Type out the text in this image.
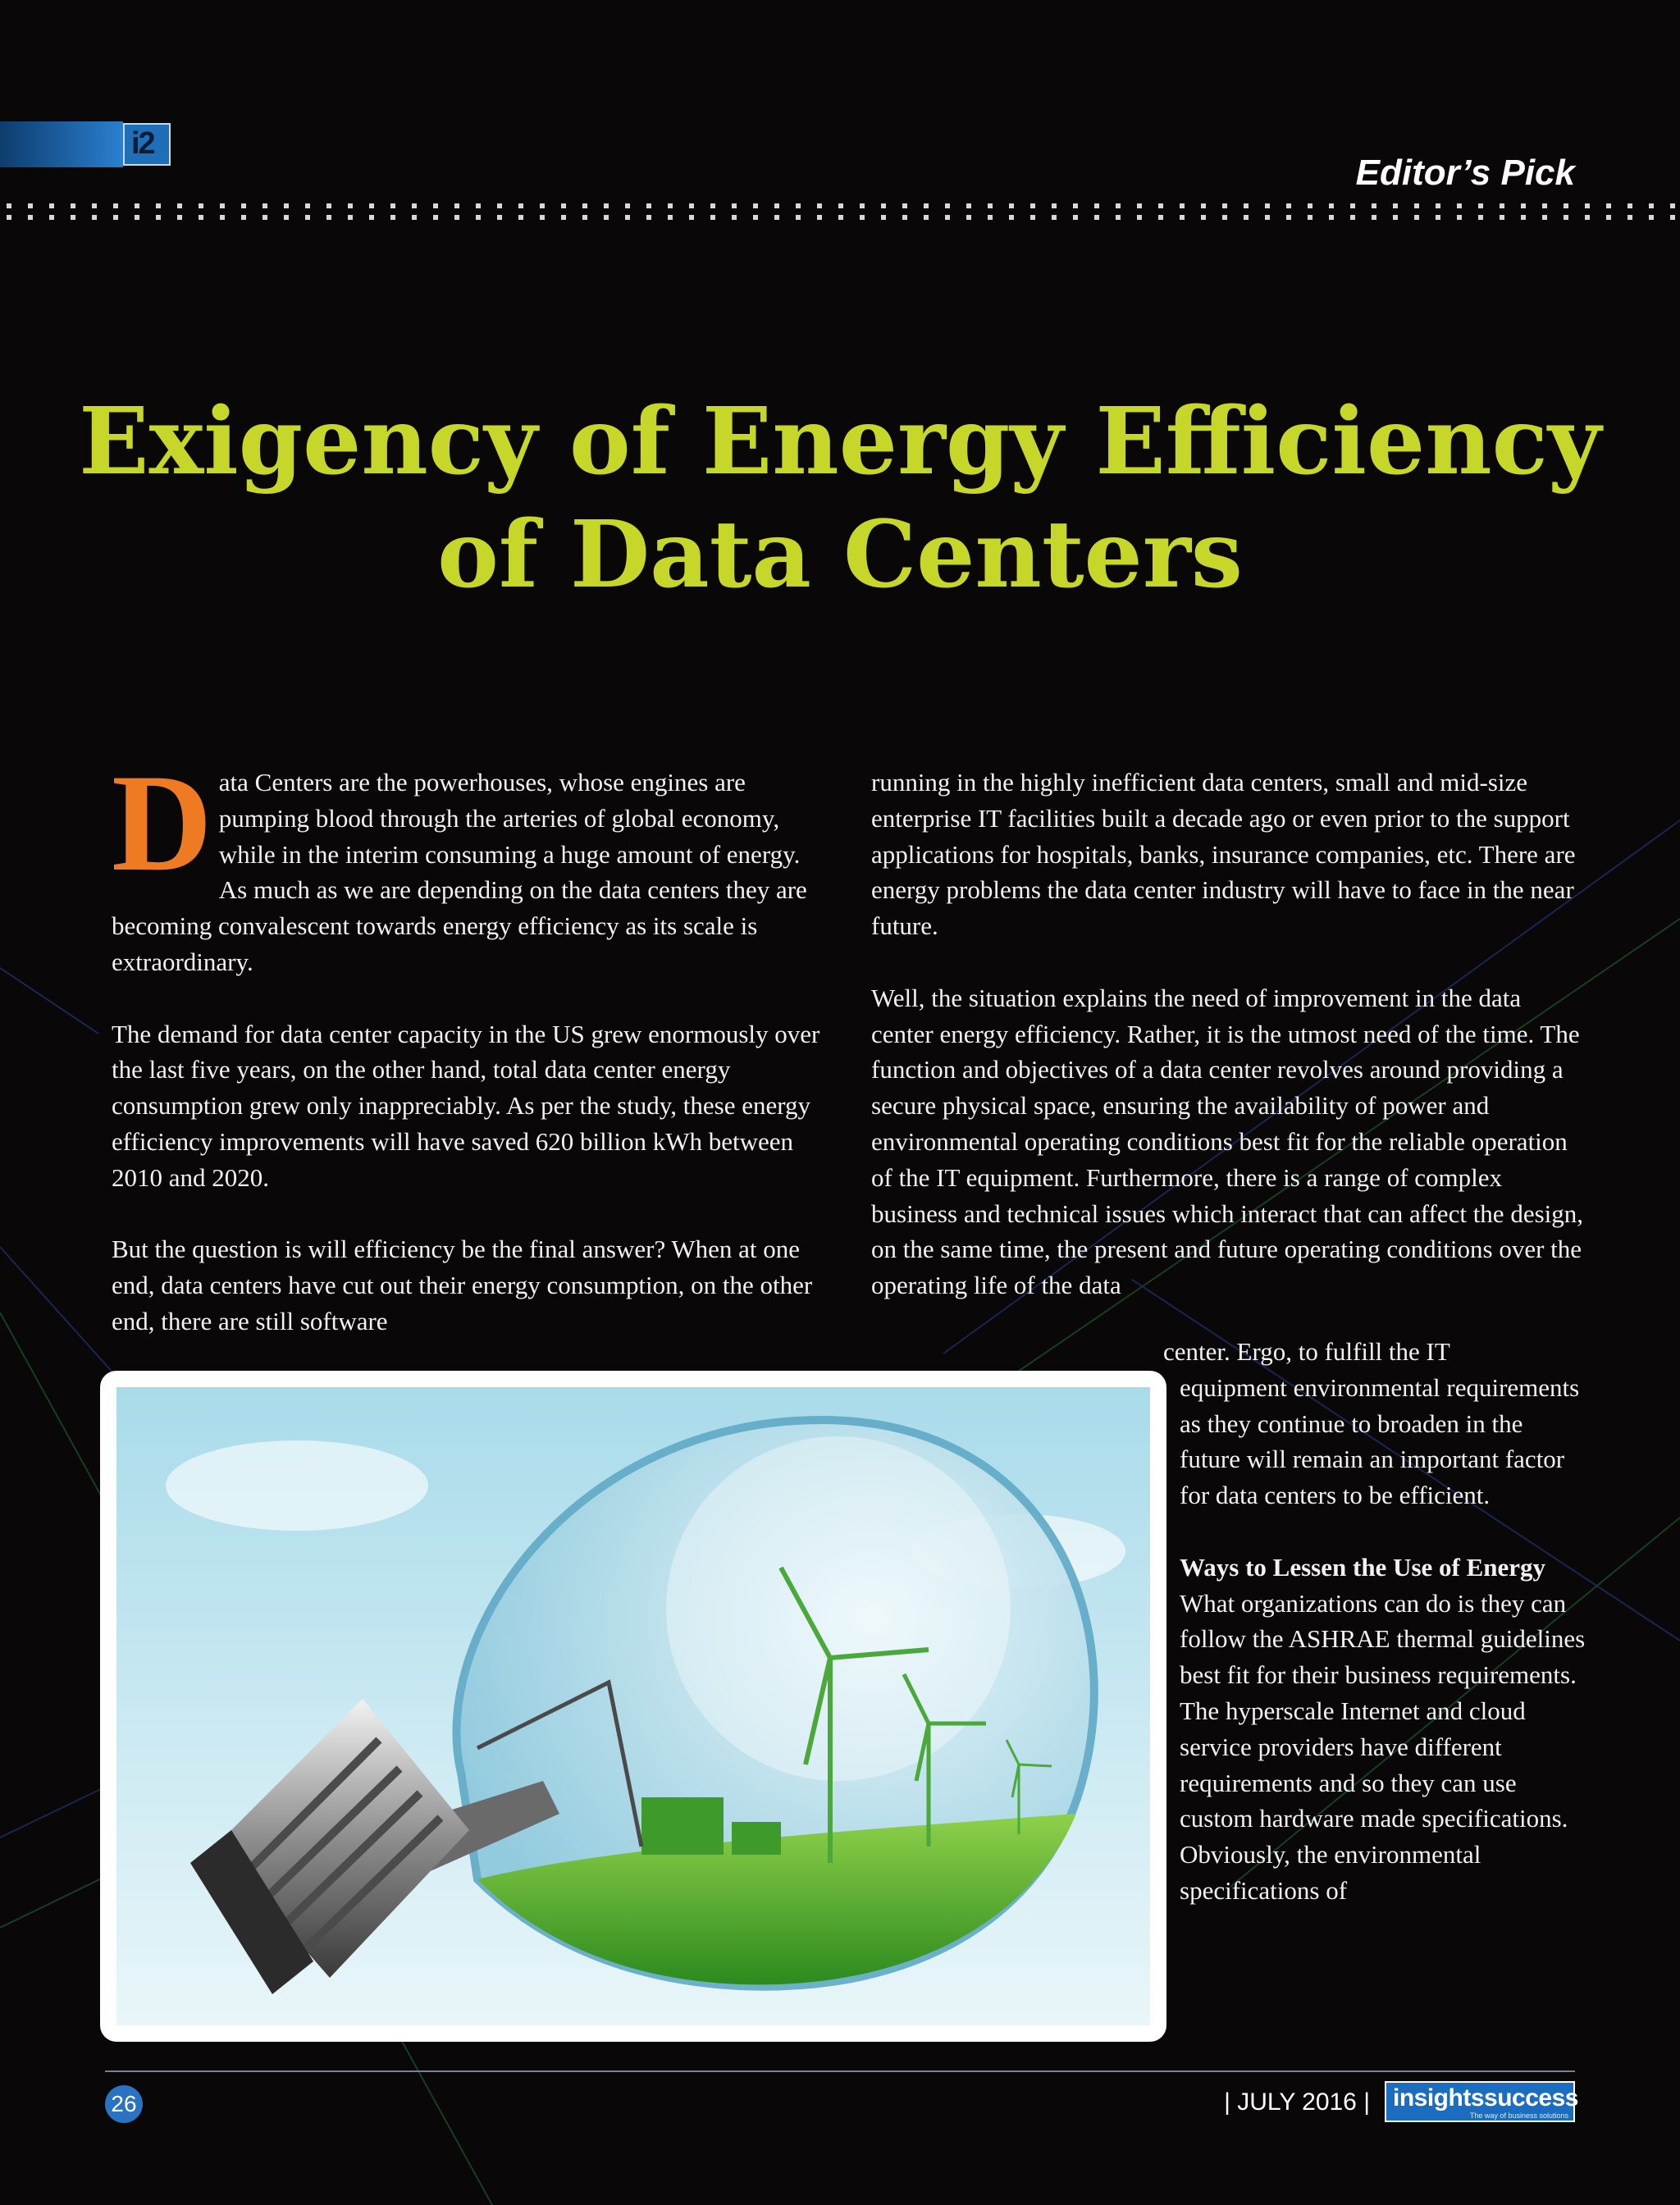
i2
Editor’s Pick
Exigency of Energy Efficiency
of Data Centers

Data Centers are the powerhouses, whose engines are pumping blood through the arteries of global economy, while in the interim consuming a huge amount of energy. As much as we are depending on the data centers they are becoming convalescent towards energy efficiency as its scale is extraordinary.

The demand for data center capacity in the US grew enormously over the last five years, on the other hand, total data center energy consumption grew only inappreciably. As per the study, these energy efficiency improvements will have saved 620 billion kWh between 2010 and 2020.

But the question is will efficiency be the final answer? When at one end, data centers have cut out their energy consumption, on the other end, there are still software

running in the highly inefficient data centers, small and mid-size enterprise IT facilities built a decade ago or even prior to the support applications for hospitals, banks, insurance companies, etc. There are energy problems the data center industry will have to face in the near future.

Well, the situation explains the need of improvement in the data center energy efficiency. Rather, it is the utmost need of the time. The function and objectives of a data center revolves around providing a secure physical space, ensuring the availability of power and environmental operating conditions best fit for the reliable operation of the IT equipment. Furthermore, there is a range of complex business and technical issues which interact that can affect the design, on the same time, the present and future operating conditions over the operating life of the data

center. Ergo, to fulfill the IT
equipment environmental requirements as they continue to broaden in the future will remain an important factor for data centers to be efficient.

Ways to Lessen the Use of Energy

What organizations can do is they can follow the ASHRAE thermal guidelines best fit for their business requirements. The hyperscale Internet and cloud service providers have different requirements and so they can use custom hardware made specifications. Obviously, the environmental specifications of

26	| JULY 2016 | insightssuccess
The way of business solutions
